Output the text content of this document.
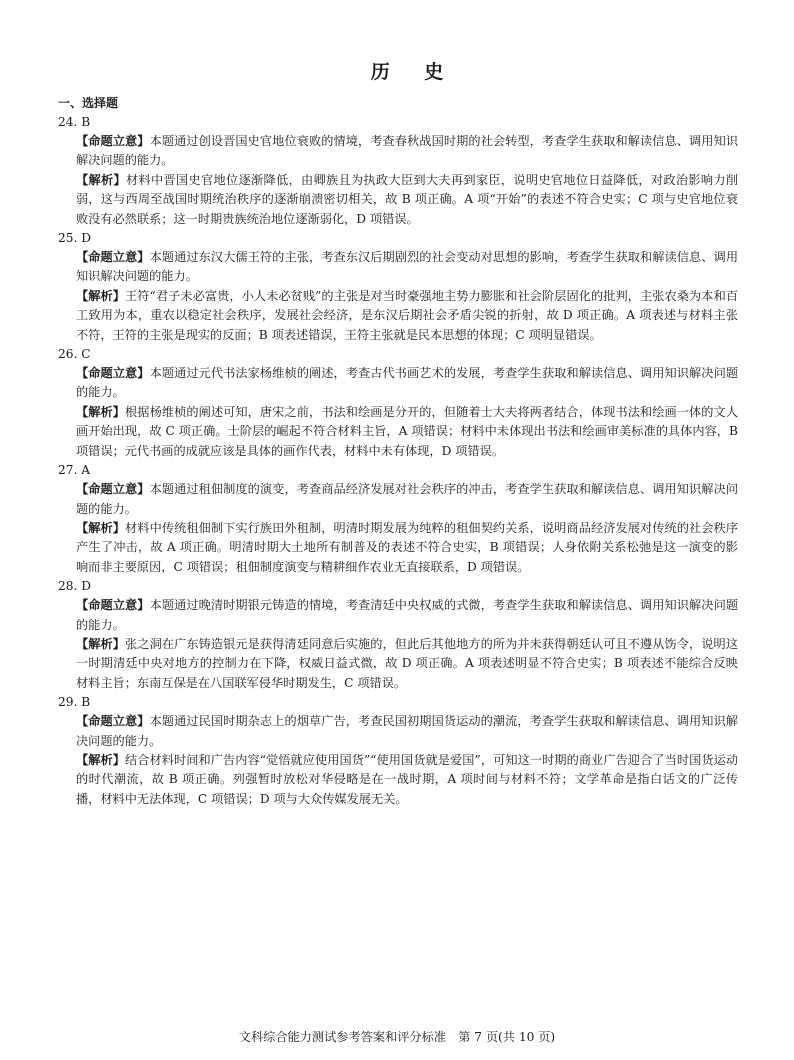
历 史
一、选择题
24. B

【命题立意】本题通过创设晋国史官地位衰败的情境，考查春秋战国时期的社会转型，考查学生获取和解读信息、调用知识解决问题的能力。

【解析】材料中晋国史官地位逐渐降低，由卿族且为执政大臣到大夫再到家臣，说明史官地位日益降低，对政治影响力削弱，这与西周至战国时期统治秩序的逐渐崩溃密切相关，故 B 项正确。A 项“开始”的表述不符合史实；C 项与史官地位衰败没有必然联系；这一时期贵族统治地位逐渐弱化，D 项错误。

25. D

【命题立意】本题通过东汉大儒王符的主张，考查东汉后期剧烈的社会变动对思想的影响，考查学生获取和解读信息、调用知识解决问题的能力。

【解析】王符“君子未必富贵，小人未必贫贱”的主张是对当时豪强地主势力膨胀和社会阶层固化的批判，主张农桑为本和百工致用为本，重农以稳定社会秩序，发展社会经济，是东汉后期社会矛盾尖锐的折射，故 D 项正确。A 项表述与材料主张不符，王符的主张是现实的反面；B 项表述错误，王符主张就是民本思想的体现；C 项明显错误。

26. C

【命题立意】本题通过元代书法家杨维桢的阐述，考查古代书画艺术的发展，考查学生获取和解读信息、调用知识解决问题的能力。

【解析】根据杨维桢的阐述可知，唐宋之前，书法和绘画是分开的，但随着士大夫将两者结合，体现书法和绘画一体的文人画开始出现，故 C 项正确。士阶层的崛起不符合材料主旨，A 项错误；材料中未体现出书法和绘画审美标准的具体内容，B 项错误；元代书画的成就应该是具体的画作代表，材料中未有体现，D 项错误。

27. A

【命题立意】本题通过租佃制度的演变，考查商品经济发展对社会秩序的冲击，考查学生获取和解读信息、调用知识解决问题的能力。

【解析】材料中传统租佃制下实行族田外租制，明清时期发展为纯粹的租佃契约关系，说明商品经济发展对传统的社会秩序产生了冲击，故 A 项正确。明清时期大土地所有制普及的表述不符合史实，B 项错误；人身依附关系松弛是这一演变的影响而非主要原因，C 项错误；租佃制度演变与精耕细作农业无直接联系，D 项错误。

28. D

【命题立意】本题通过晚清时期银元铸造的情境，考查清廷中央权威的式微，考查学生获取和解读信息、调用知识解决问题的能力。

【解析】张之洞在广东铸造银元是获得清廷同意后实施的，但此后其他地方的所为并未获得朝廷认可且不遵从饬令，说明这一时期清廷中央对地方的控制力在下降，权威日益式微，故 D 项正确。A 项表述明显不符合史实；B 项表述不能综合反映材料主旨；东南互保是在八国联军侵华时期发生，C 项错误。

29. B

【命题立意】本题通过民国时期杂志上的烟草广告，考查民国初期国货运动的潮流，考查学生获取和解读信息、调用知识解决问题的能力。

【解析】结合材料时间和广告内容“觉悟就应使用国货”“使用国货就是爱国”，可知这一时期的商业广告迎合了当时国货运动的时代潮流，故 B 项正确。列强暂时放松对华侵略是在一战时期，A 项时间与材料不符；文学革命是指白话文的广泛传播，材料中无法体现，C 项错误；D 项与大众传媒发展无关。

文科综合能力测试参考答案和评分标准　第 7 页(共 10 页)
